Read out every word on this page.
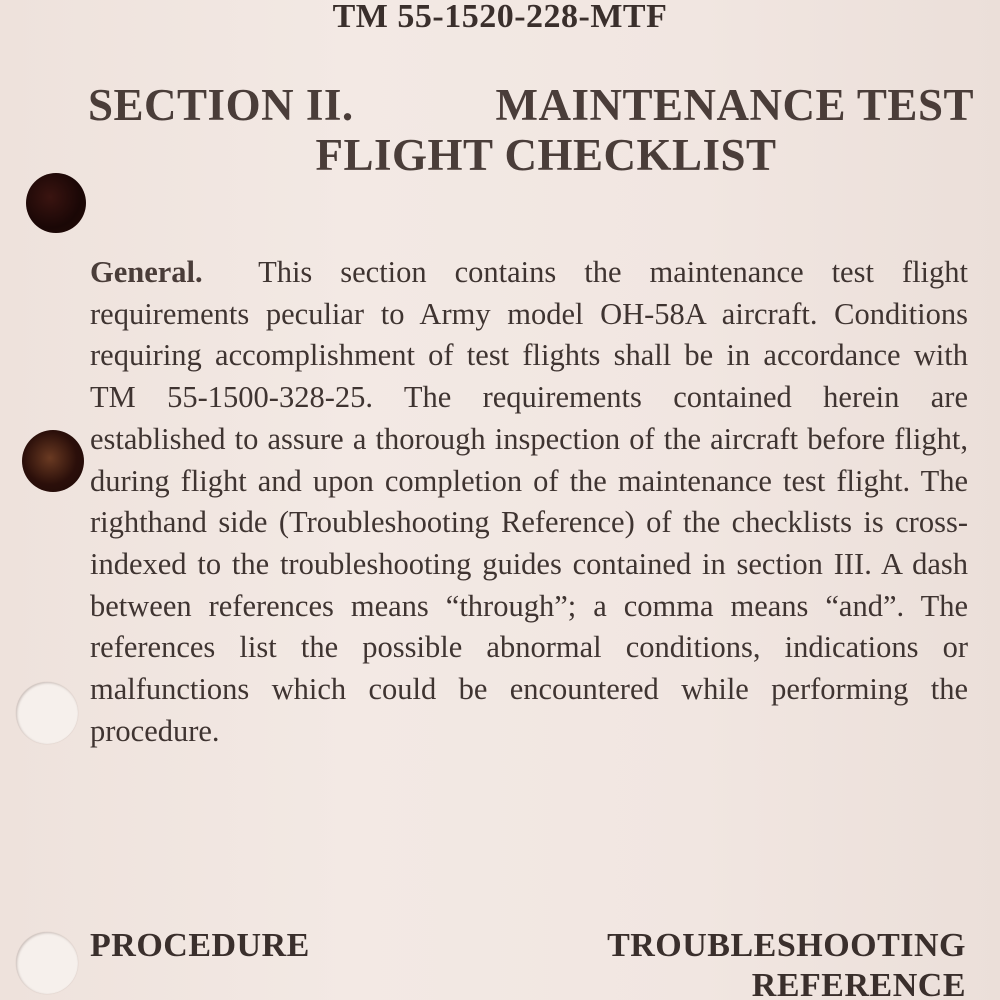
TM 55-1520-228-MTF
SECTION II.	MAINTENANCE TEST
FLIGHT CHECKLIST
General. This section contains the maintenance test flight requirements peculiar to Army model OH-58A aircraft. Conditions requiring accomplishment of test flights shall be in accordance with TM 55-1500-328-25. The requirements contained herein are established to assure a thorough inspection of the aircraft before flight, during flight and upon completion of the maintenance test flight. The righthand side (Troubleshooting Reference) of the checklists is cross- indexed to the troubleshooting guides contained in section III. A dash between references means “through”; a comma means “and”. The references list the possible abnormal conditions, indications or malfunctions which could be encountered while performing the procedure.
PROCEDURE	TROUBLESHOOTING
REFERENCE
